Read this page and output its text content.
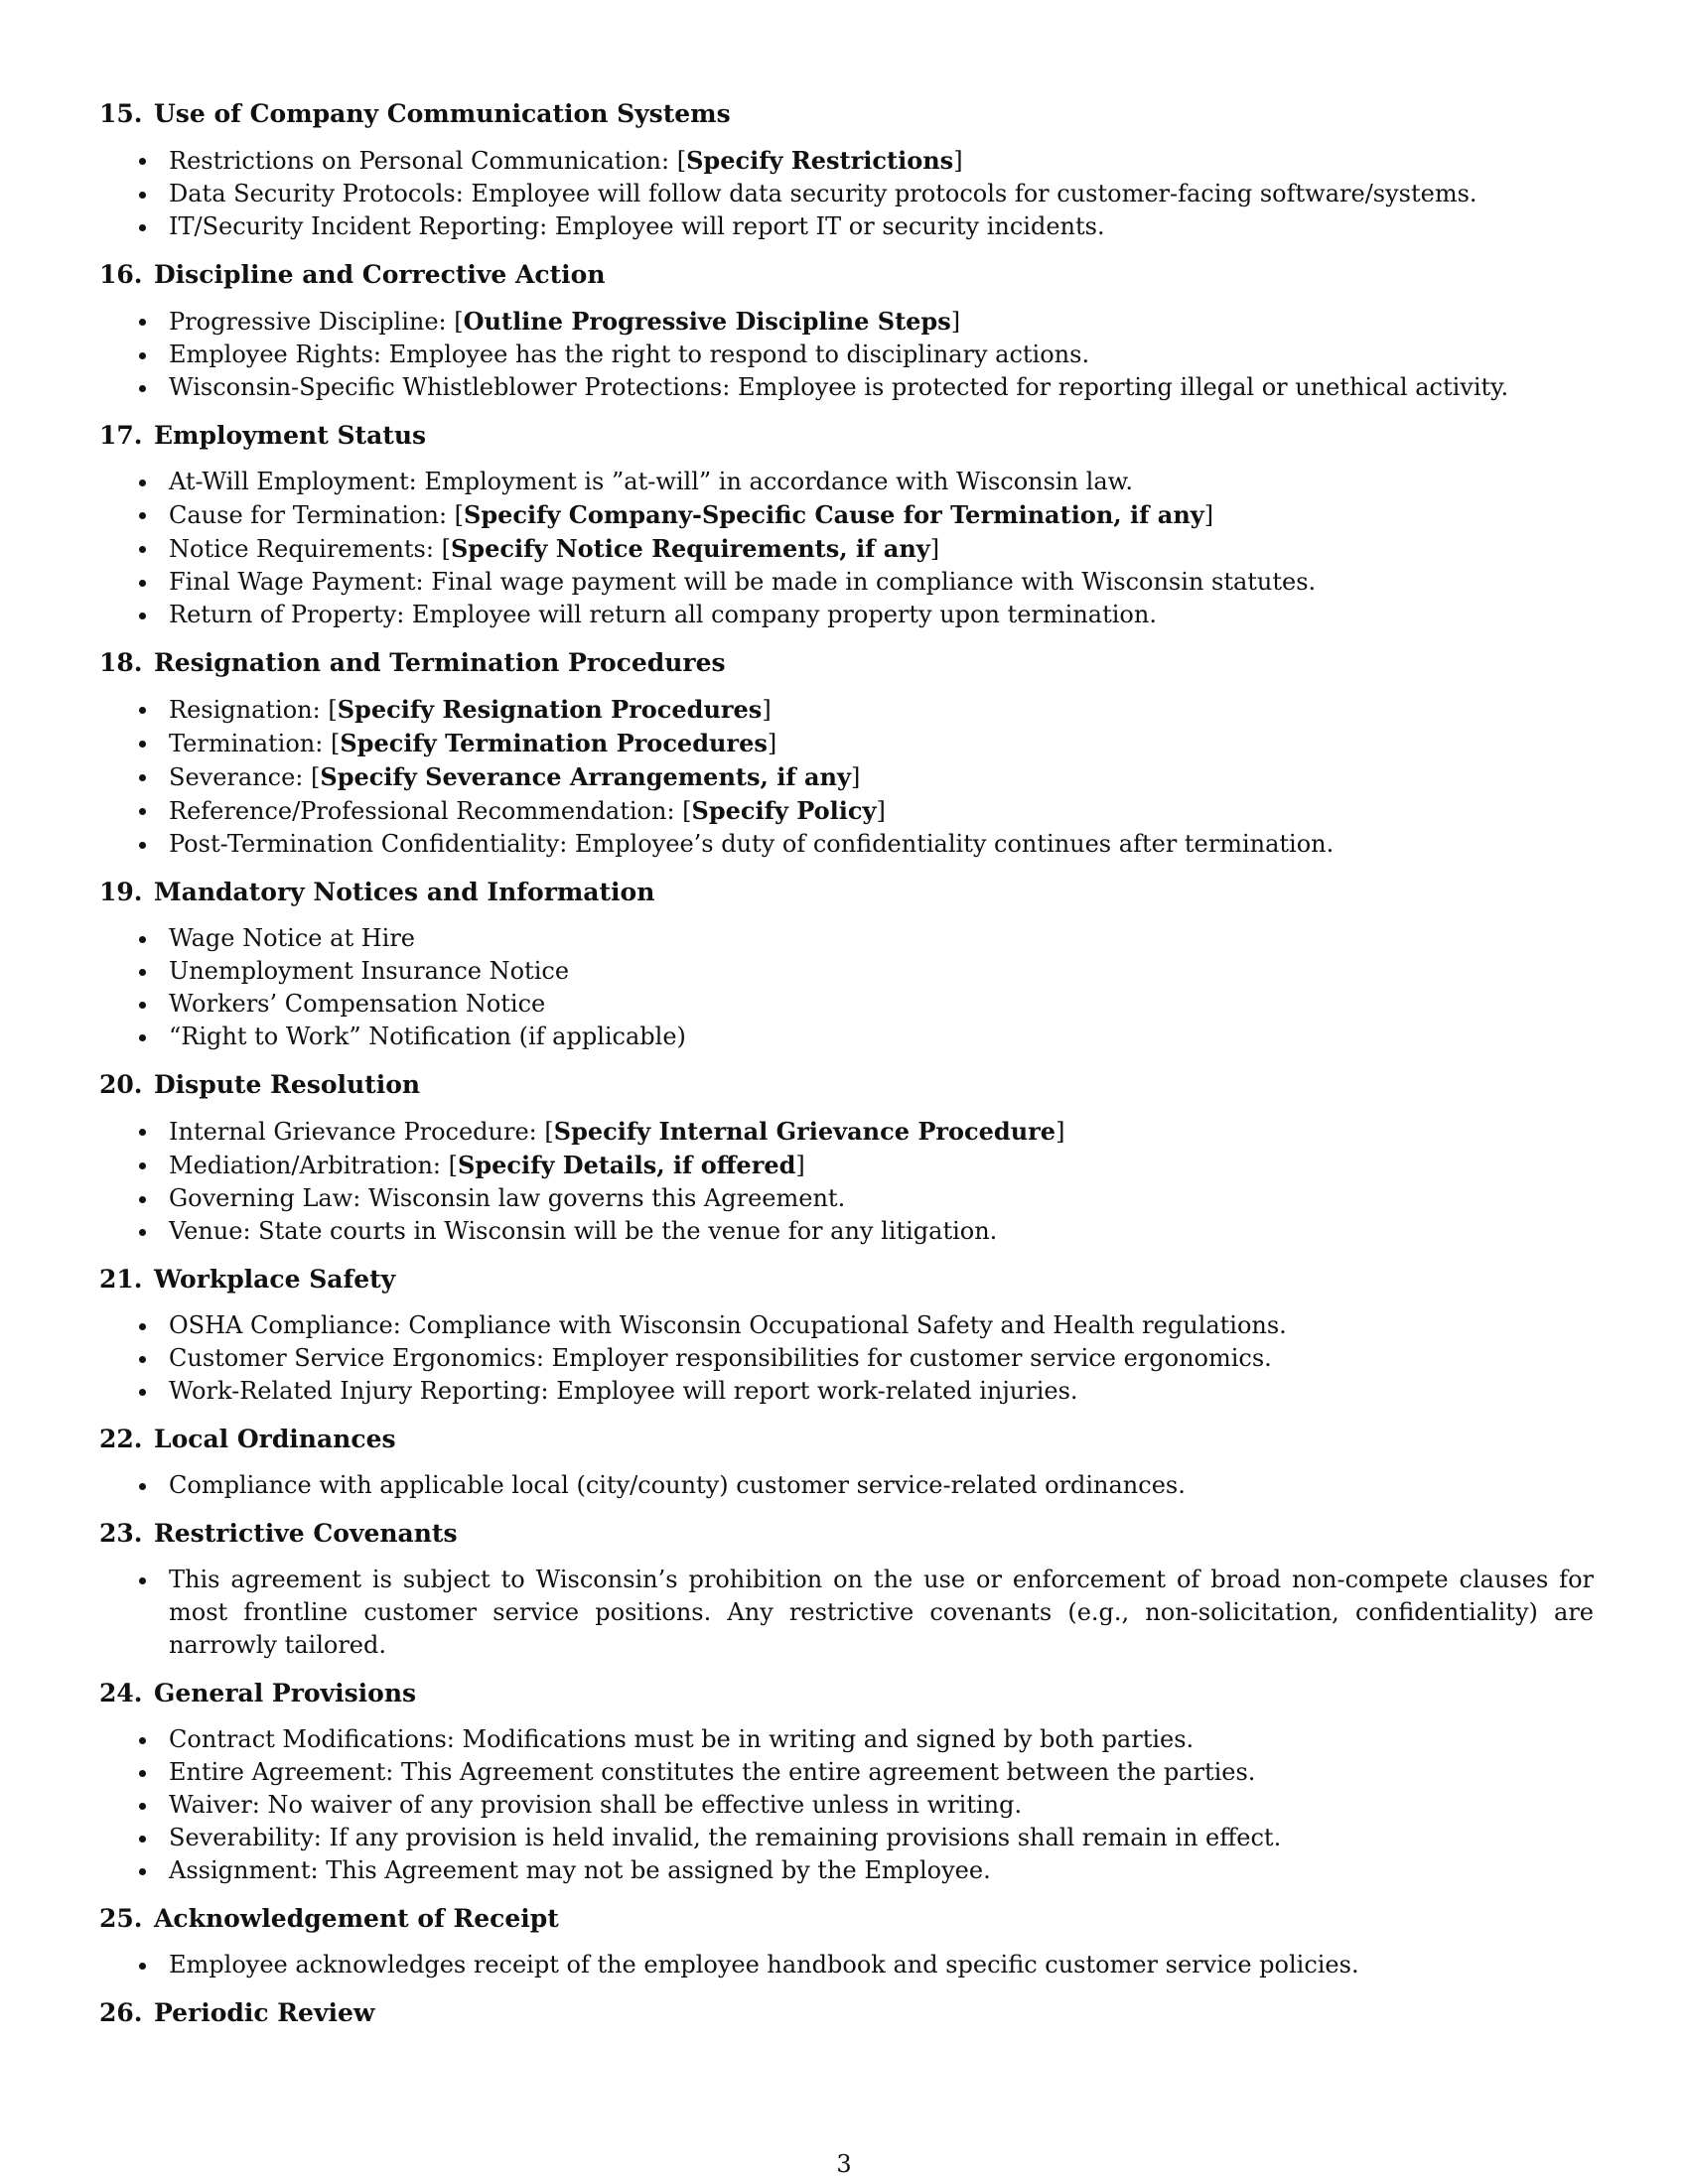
15. Use of Company Communication Systems
Restrictions on Personal Communication: [Specify Restrictions]
Data Security Protocols: Employee will follow data security protocols for customer-facing software/systems.
IT/Security Incident Reporting: Employee will report IT or security incidents.
16. Discipline and Corrective Action
Progressive Discipline: [Outline Progressive Discipline Steps]
Employee Rights: Employee has the right to respond to disciplinary actions.
Wisconsin-Specific Whistleblower Protections: Employee is protected for reporting illegal or unethical activity.
17. Employment Status
At-Will Employment: Employment is ”at-will” in accordance with Wisconsin law.
Cause for Termination: [Specify Company-Specific Cause for Termination, if any]
Notice Requirements: [Specify Notice Requirements, if any]
Final Wage Payment: Final wage payment will be made in compliance with Wisconsin statutes.
Return of Property: Employee will return all company property upon termination.
18. Resignation and Termination Procedures
Resignation: [Specify Resignation Procedures]
Termination: [Specify Termination Procedures]
Severance: [Specify Severance Arrangements, if any]
Reference/Professional Recommendation: [Specify Policy]
Post-Termination Confidentiality: Employee’s duty of confidentiality continues after termination.
19. Mandatory Notices and Information
Wage Notice at Hire
Unemployment Insurance Notice
Workers’ Compensation Notice
“Right to Work” Notification (if applicable)
20. Dispute Resolution
Internal Grievance Procedure: [Specify Internal Grievance Procedure]
Mediation/Arbitration: [Specify Details, if offered]
Governing Law: Wisconsin law governs this Agreement.
Venue: State courts in Wisconsin will be the venue for any litigation.
21. Workplace Safety
OSHA Compliance: Compliance with Wisconsin Occupational Safety and Health regulations.
Customer Service Ergonomics: Employer responsibilities for customer service ergonomics.
Work-Related Injury Reporting: Employee will report work-related injuries.
22. Local Ordinances
Compliance with applicable local (city/county) customer service-related ordinances.
23. Restrictive Covenants
This agreement is subject to Wisconsin’s prohibition on the use or enforcement of broad non-compete clauses for most frontline customer service positions. Any restrictive covenants (e.g., non-solicitation, confidentiality) are narrowly tailored.
24. General Provisions
Contract Modifications: Modifications must be in writing and signed by both parties.
Entire Agreement: This Agreement constitutes the entire agreement between the parties.
Waiver: No waiver of any provision shall be effective unless in writing.
Severability: If any provision is held invalid, the remaining provisions shall remain in effect.
Assignment: This Agreement may not be assigned by the Employee.
25. Acknowledgement of Receipt
Employee acknowledges receipt of the employee handbook and specific customer service policies.
26. Periodic Review
3
